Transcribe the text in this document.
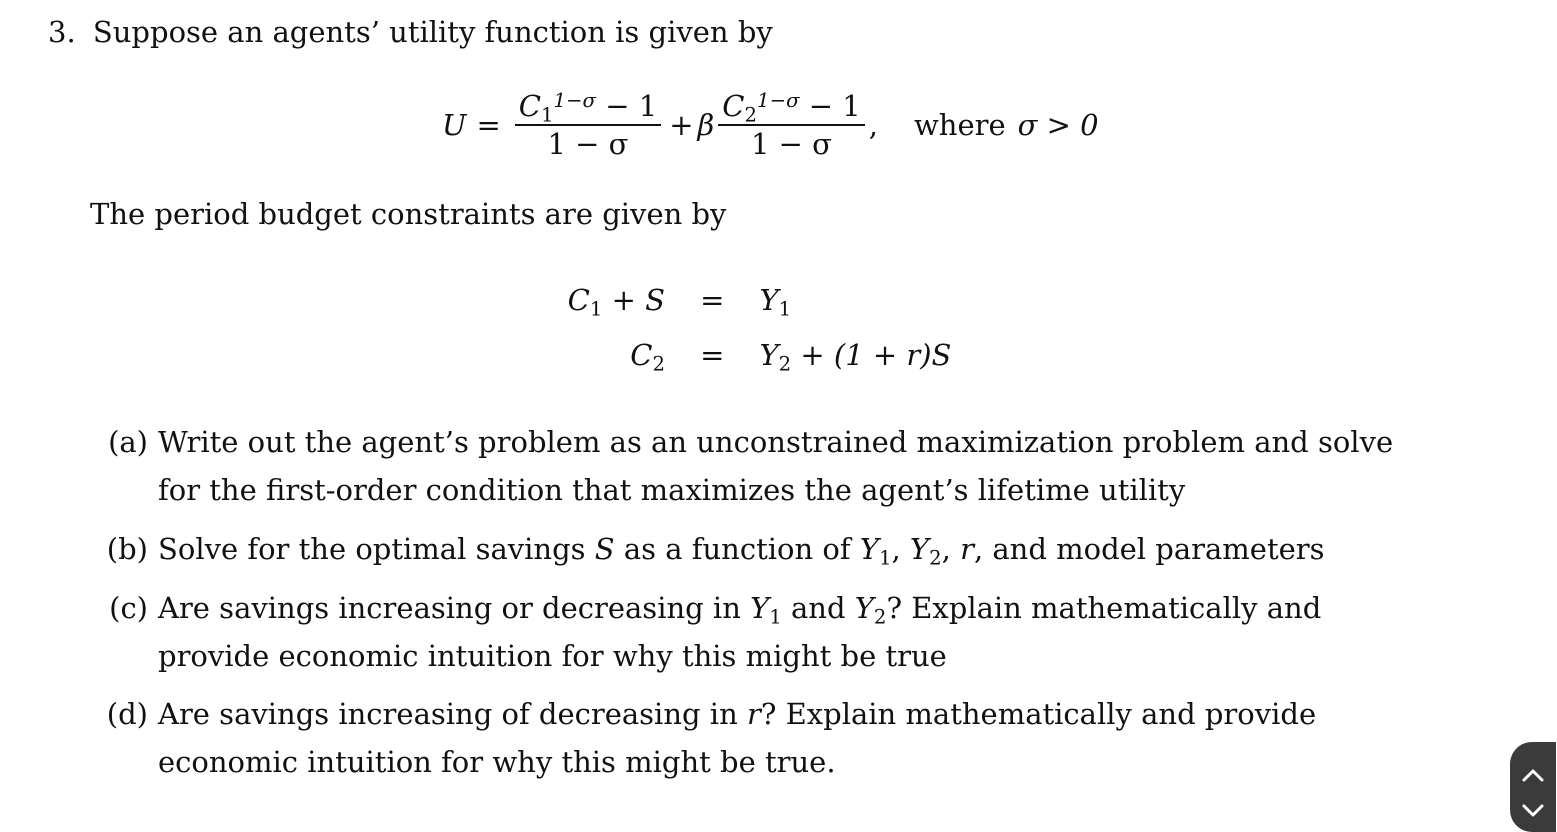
3. Suppose an agents’ utility function is given by
$U = \frac{C_1^{1-\sigma} - 1}{1 - \sigma} + \beta \frac{C_2^{1-\sigma} - 1}{1 - \sigma}$ , where σ > 0
The period budget constraints are given by
$C_1 + S = Y_1$
$C_2 = Y_2 + (1 + r)S$
(a) Write out the agent’s problem as an unconstrained maximization problem and solve for the first-order condition that maximizes the agent’s lifetime utility
(b) Solve for the optimal savings S as a function of $Y_1$, $Y_2$, r, and model parameters
(c) Are savings increasing or decreasing in $Y_1$ and $Y_2$? Explain mathematically and provide economic intuition for why this might be true
(d) Are savings increasing of decreasing in r? Explain mathematically and provide economic intuition for why this might be true.
